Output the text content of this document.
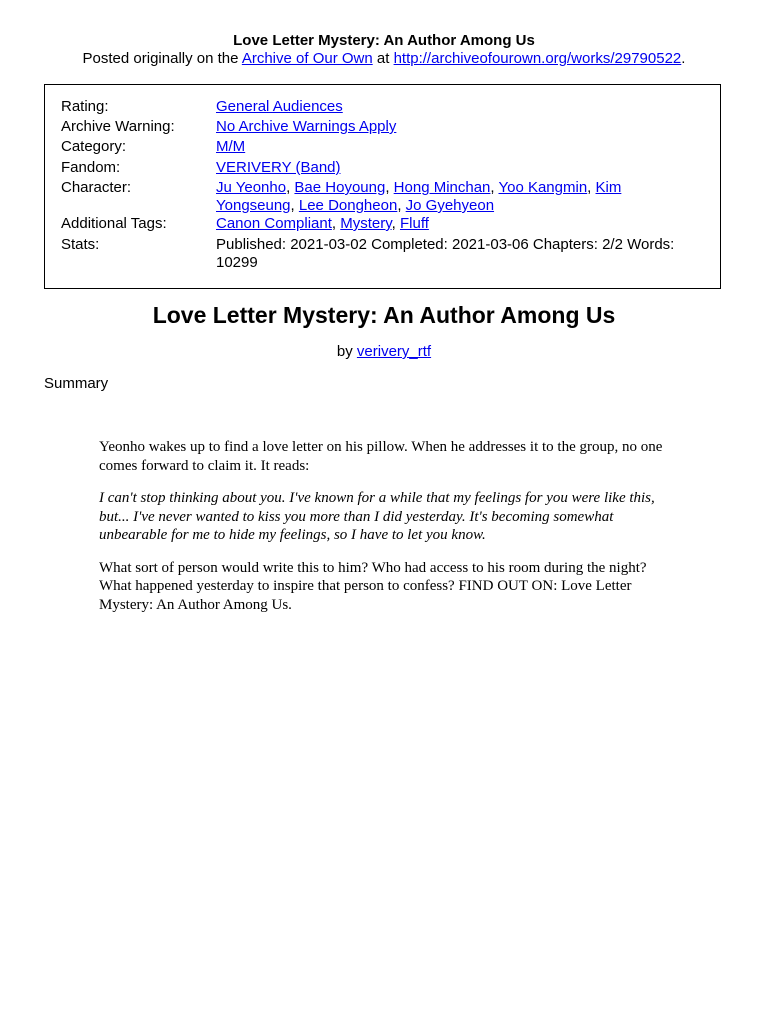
Love Letter Mystery: An Author Among Us
Posted originally on the Archive of Our Own at http://archiveofourown.org/works/29790522.
Rating:	General Audiences
Archive Warning:	No Archive Warnings Apply
Category:	M/M
Fandom:	VERIVERY (Band)
Character:	Ju Yeonho, Bae Hoyoung, Hong Minchan, Yoo Kangmin, Kim Yongseung, Lee Dongheon, Jo Gyehyeon
Additional Tags:	Canon Compliant, Mystery, Fluff
Stats:	Published: 2021-03-02 Completed: 2021-03-06 Chapters: 2/2 Words: 10299
Love Letter Mystery: An Author Among Us
by verivery_rtf
Summary

Yeonho wakes up to find a love letter on his pillow. When he addresses it to the group, no one comes forward to claim it. It reads:

I can't stop thinking about you. I've known for a while that my feelings for you were like this, but... I've never wanted to kiss you more than I did yesterday. It's becoming somewhat unbearable for me to hide my feelings, so I have to let you know.

What sort of person would write this to him? Who had access to his room during the night? What happened yesterday to inspire that person to confess? FIND OUT ON: Love Letter Mystery: An Author Among Us.
